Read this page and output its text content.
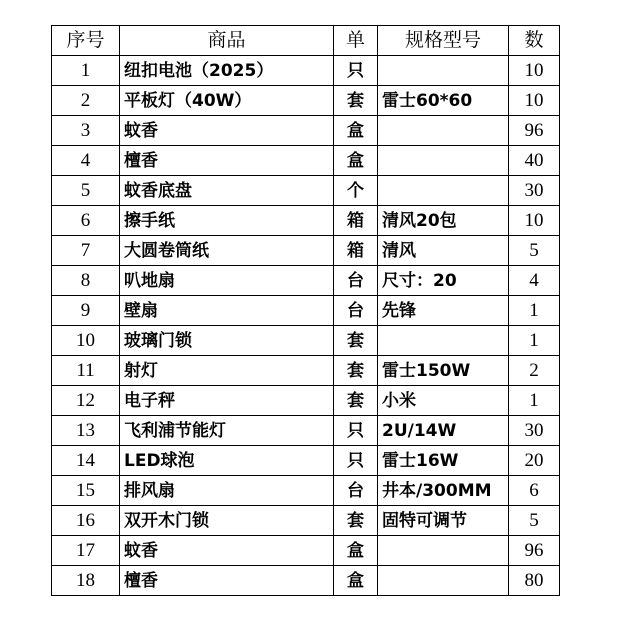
序号	商品	单	规格型号	数
1	纽扣电池（2025）	只		10
2	平板灯（40W）	套	雷士60*60	10
3	蚊香	盒		96
4	檀香	盒		40
5	蚊香底盘	个		30
6	擦手纸	箱	清风20包	10
7	大圆卷筒纸	箱	清风	5
8	叭地扇	台	尺寸：20	4
9	壁扇	台	先锋	1
10	玻璃门锁	套		1
11	射灯	套	雷士150W	2
12	电子秤	套	小米	1
13	飞利浦节能灯	只	2U/14W	30
14	LED球泡	只	雷士16W	20
15	排风扇	台	井本/300MM	6
16	双开木门锁	套	固特可调节	5
17	蚊香	盒		96
18	檀香	盒		80
